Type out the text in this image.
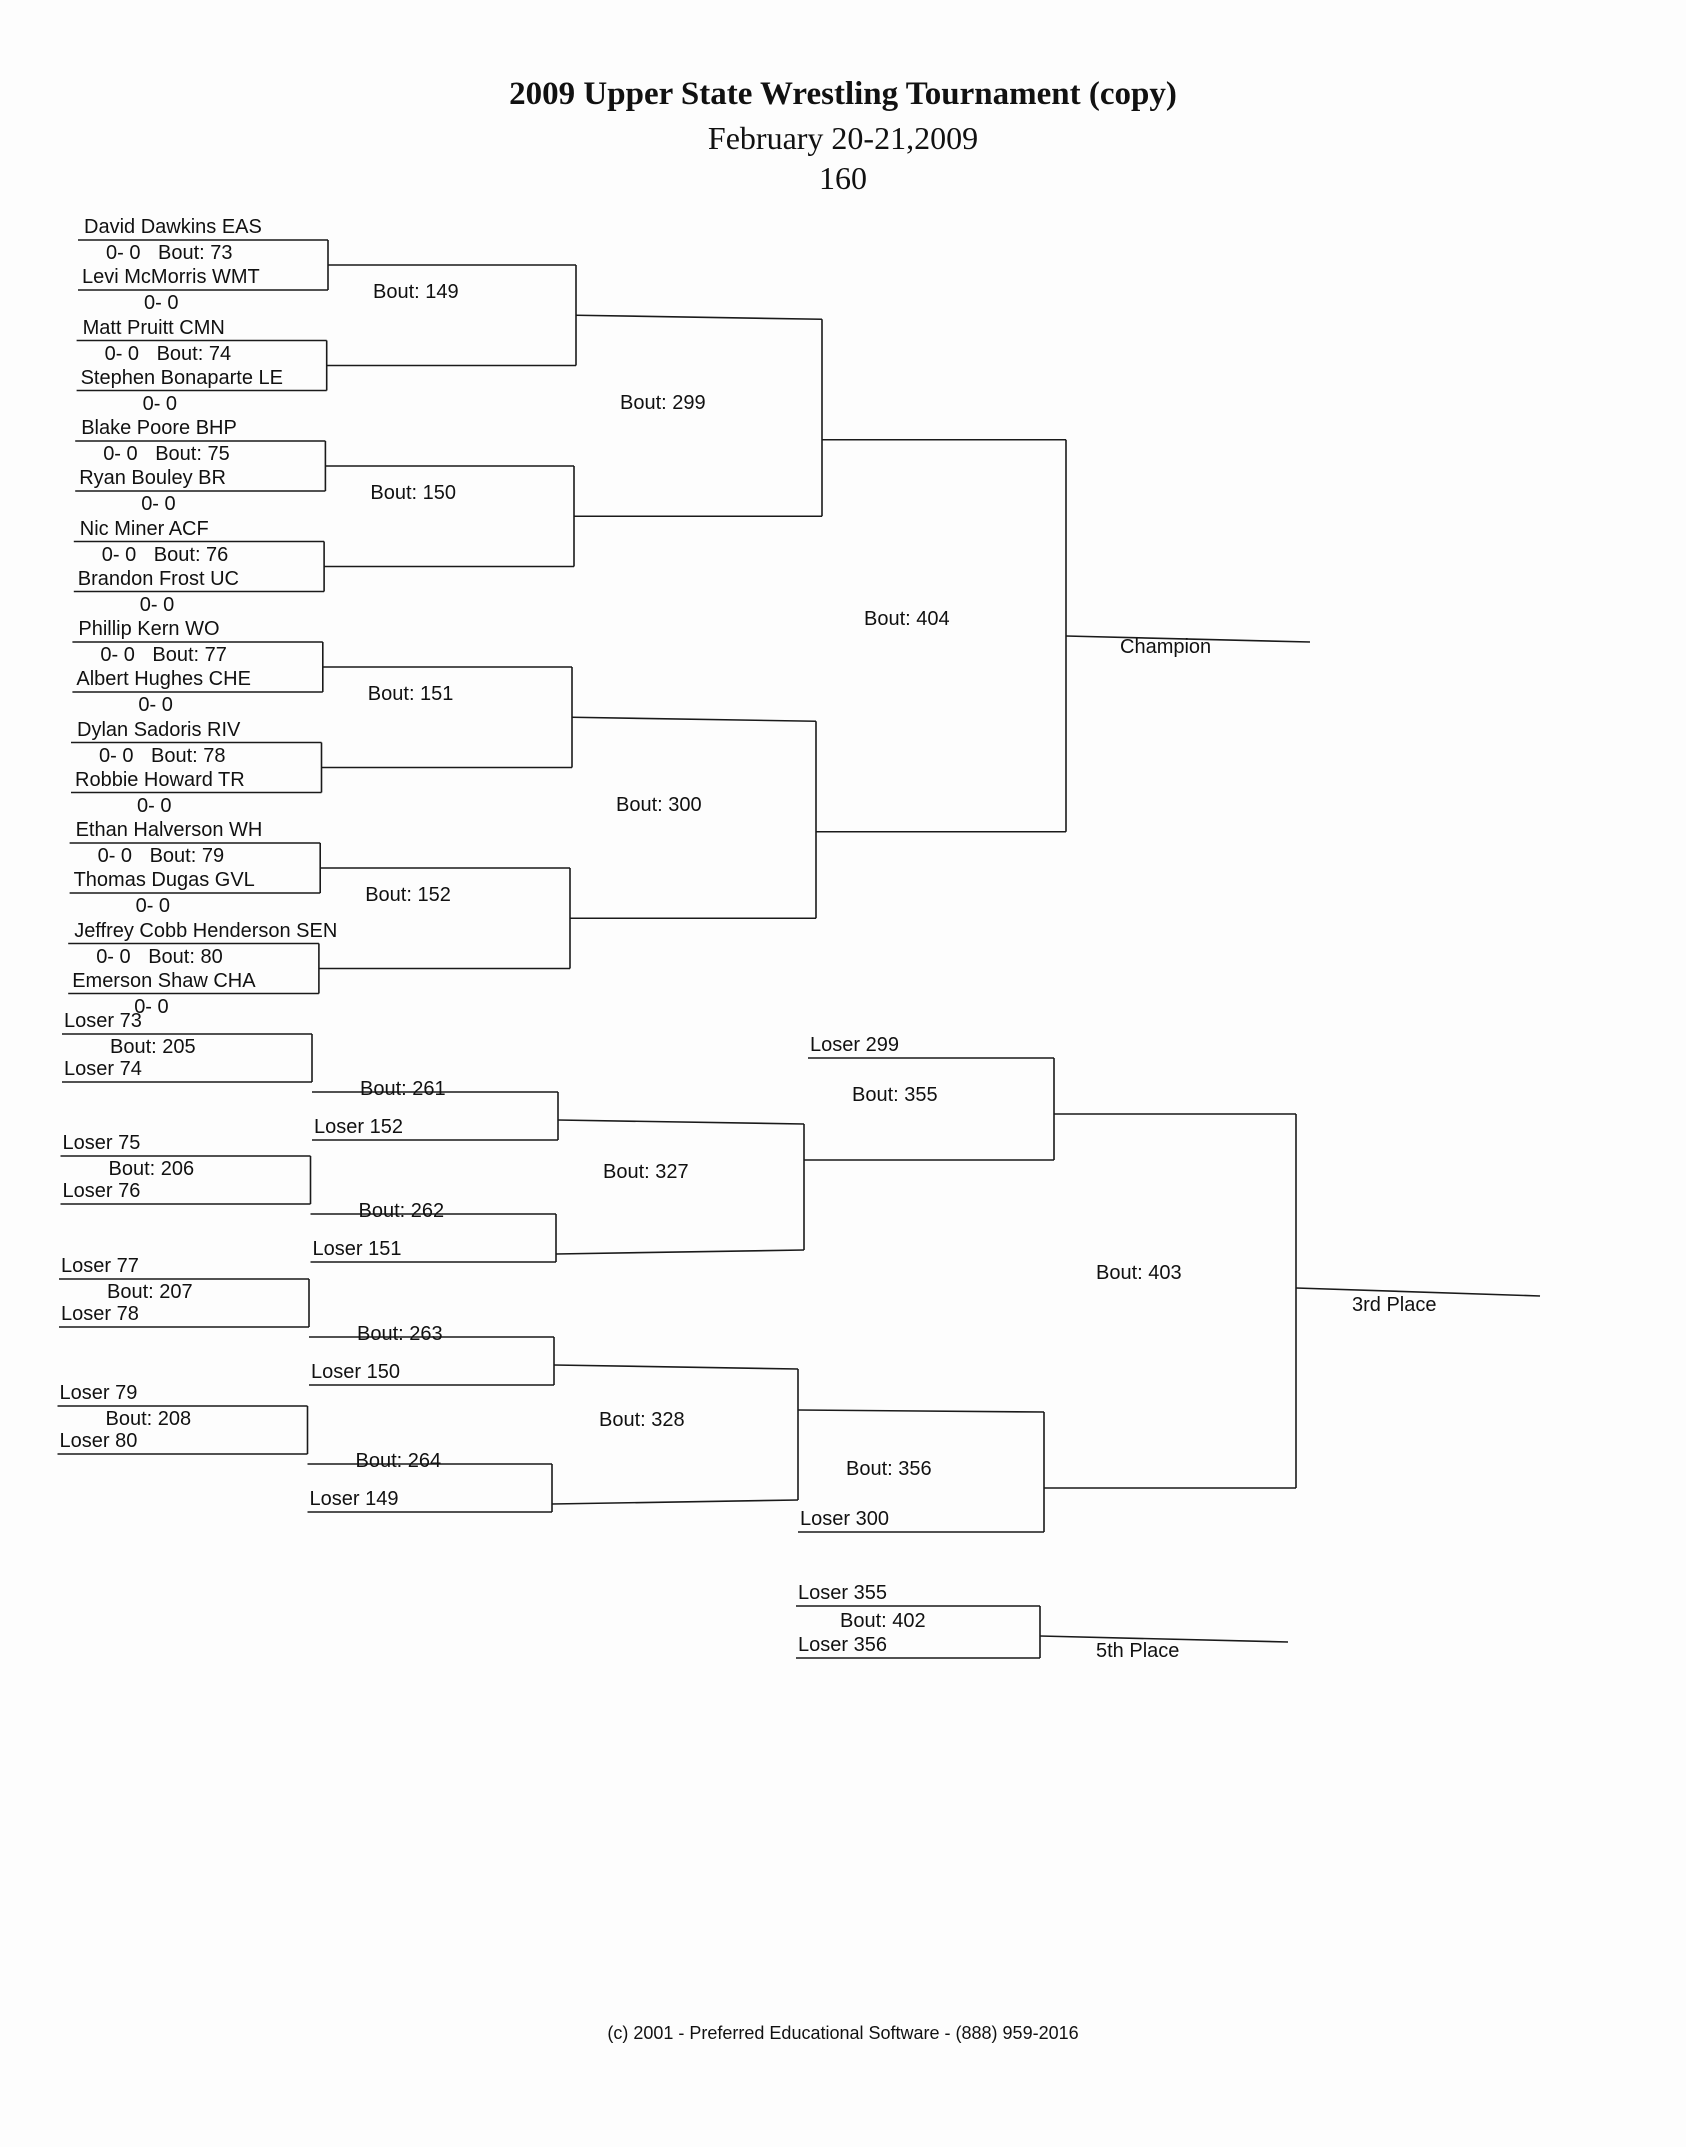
2009 Upper State Wrestling Tournament (copy)
February 20-21,2009
160
David Dawkins EAS
0- 0 Bout: 73
Levi McMorris WMT
0- 0
Matt Pruitt CMN
0- 0 Bout: 74
Stephen Bonaparte LE
0- 0
Blake Poore BHP
0- 0 Bout: 75
Ryan Bouley BR
0- 0
Nic Miner ACF
0- 0 Bout: 76
Brandon Frost UC
0- 0
Phillip Kern WO
0- 0 Bout: 77
Albert Hughes CHE
0- 0
Dylan Sadoris RIV
0- 0 Bout: 78
Robbie Howard TR
0- 0
Ethan Halverson WH
0- 0 Bout: 79
Thomas Dugas GVL
0- 0
Jeffrey Cobb Henderson SEN
0- 0 Bout: 80
Emerson Shaw CHA
0- 0
Bout: 149
Bout: 150
Bout: 151
Bout: 152
Bout: 299
Bout: 300
Bout: 404
Champion
Loser 73
Loser 74
Bout: 205
Loser 75
Loser 76
Bout: 206
Loser 77
Loser 78
Bout: 207
Loser 79
Loser 80
Bout: 208
Bout: 261
Loser 152
Bout: 262
Loser 151
Bout: 263
Loser 150
Bout: 264
Loser 149
Bout: 327
Bout: 328
Loser 299
Bout: 355
Loser 300
Bout: 356
Bout: 403
3rd Place
Loser 355
Loser 356
Bout: 402
5th Place
(c) 2001 - Preferred Educational Software - (888) 959-2016
